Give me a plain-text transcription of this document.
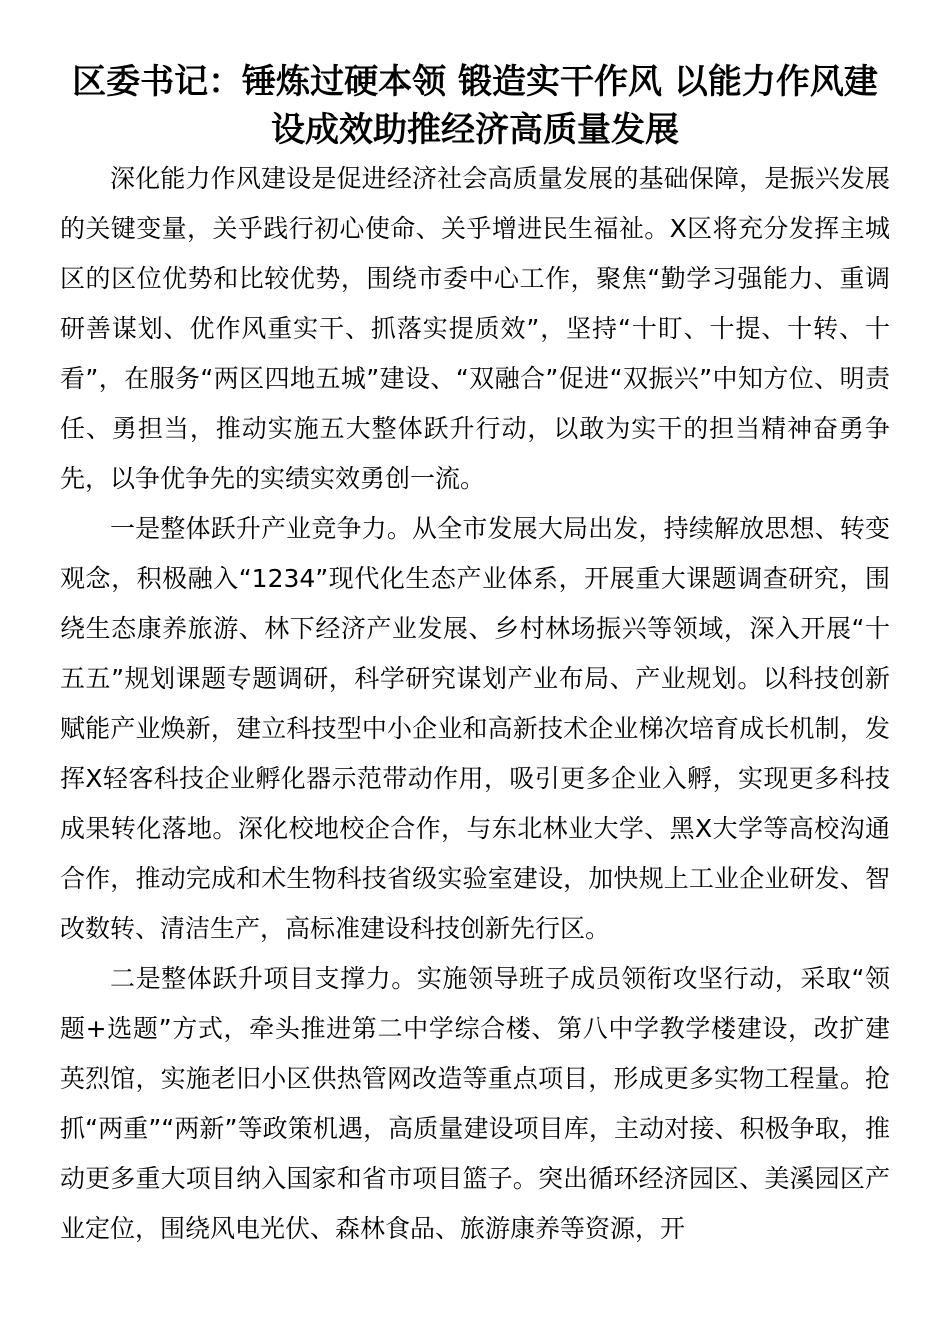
区委书记：锤炼过硬本领 锻造实干作风 以能力作风建设成效助推经济高质量发展

深化能力作风建设是促进经济社会高质量发展的基础保障，是振兴发展的关键变量，关乎践行初心使命、关乎增进民生福祉。X区将充分发挥主城区的区位优势和比较优势，围绕市委中心工作，聚焦“勤学习强能力、重调研善谋划、优作风重实干、抓落实提质效”，坚持“十盯、十提、十转、十看”，在服务“两区四地五城”建设、“双融合”促进“双振兴”中知方位、明责任、勇担当，推动实施五大整体跃升行动，以敢为实干的担当精神奋勇争先，以争优争先的实绩实效勇创一流。

一是整体跃升产业竞争力。从全市发展大局出发，持续解放思想、转变观念，积极融入“1234”现代化生态产业体系，开展重大课题调查研究，围绕生态康养旅游、林下经济产业发展、乡村林场振兴等领域，深入开展“十五五”规划课题专题调研，科学研究谋划产业布局、产业规划。以科技创新赋能产业焕新，建立科技型中小企业和高新技术企业梯次培育成长机制，发挥X轻客科技企业孵化器示范带动作用，吸引更多企业入孵，实现更多科技成果转化落地。深化校地校企合作，与东北林业大学、黑X大学等高校沟通合作，推动完成和术生物科技省级实验室建设，加快规上工业企业研发、智改数转、清洁生产，高标准建设科技创新先行区。

二是整体跃升项目支撑力。实施领导班子成员领衔攻坚行动，采取“领题+选题”方式，牵头推进第二中学综合楼、第八中学教学楼建设，改扩建英烈馆，实施老旧小区供热管网改造等重点项目，形成更多实物工程量。抢抓“两重”“两新”等政策机遇，高质量建设项目库，主动对接、积极争取，推动更多重大项目纳入国家和省市项目篮子。突出循环经济园区、美溪园区产业定位，围绕风电光伏、森林食品、旅游康养等资源，开
